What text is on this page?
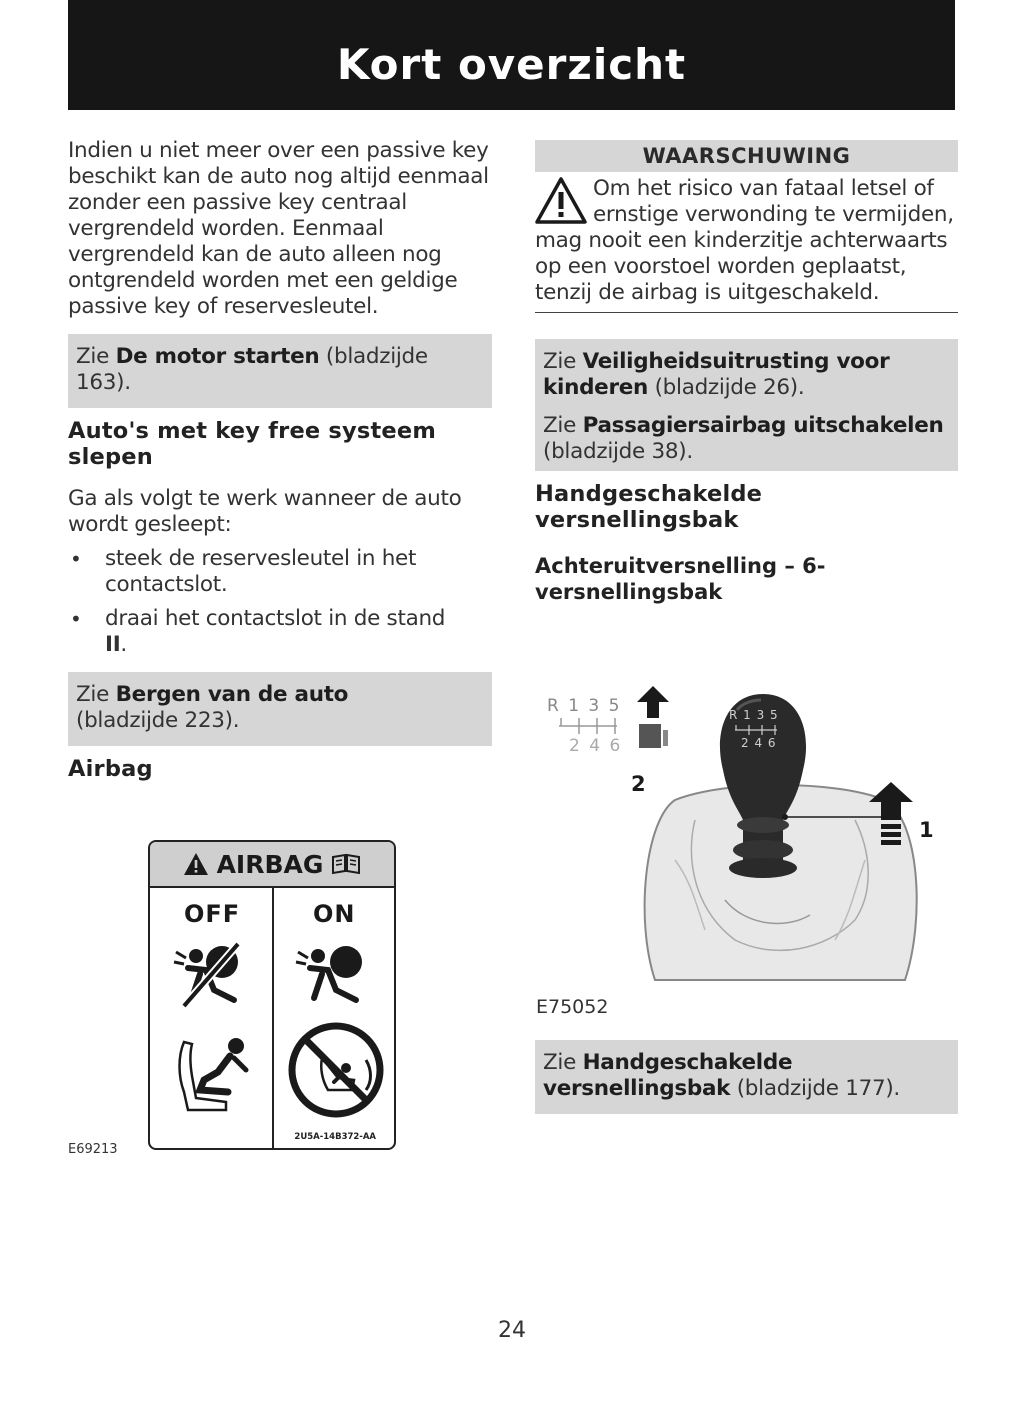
Kort overzicht

Indien u niet meer over een passive key beschikt kan de auto nog altijd eenmaal zonder een passive key centraal vergrendeld worden. Eenmaal vergrendeld kan de auto alleen nog ontgrendeld worden met een geldige passive key of reservesleutel.

Zie De motor starten (bladzijde 163).
Auto's met key free systeem slepen

Ga als volgt te werk wanneer de auto wordt gesleept:

• steek de reservesleutel in het contactslot.
• draai het contactslot in de stand
II.
Zie Bergen van de auto
(bladzijde 223).
Airbag
AIRBAG
OFF	ON
2U5A-14B372-AA
E69213
WAARSCHUWING
Om het risico van fataal letsel of ernstige verwonding te vermijden, mag nooit een kinderzitje achterwaarts op een voorstoel worden geplaatst, tenzij de airbag is uitgeschakeld.
Zie Veiligheidsuitrusting voor kinderen (bladzijde 26).
Zie Passagiersairbag uitschakelen (bladzijde 38).
Handgeschakelde versnellingsbak
Achteruitversnelling – 6-versnellingsbak
R 1 3 5
2 4 6
R 1 3 5
2 4 6
1
2
E75052
Zie Handgeschakelde versnellingsbak (bladzijde 177).
24
